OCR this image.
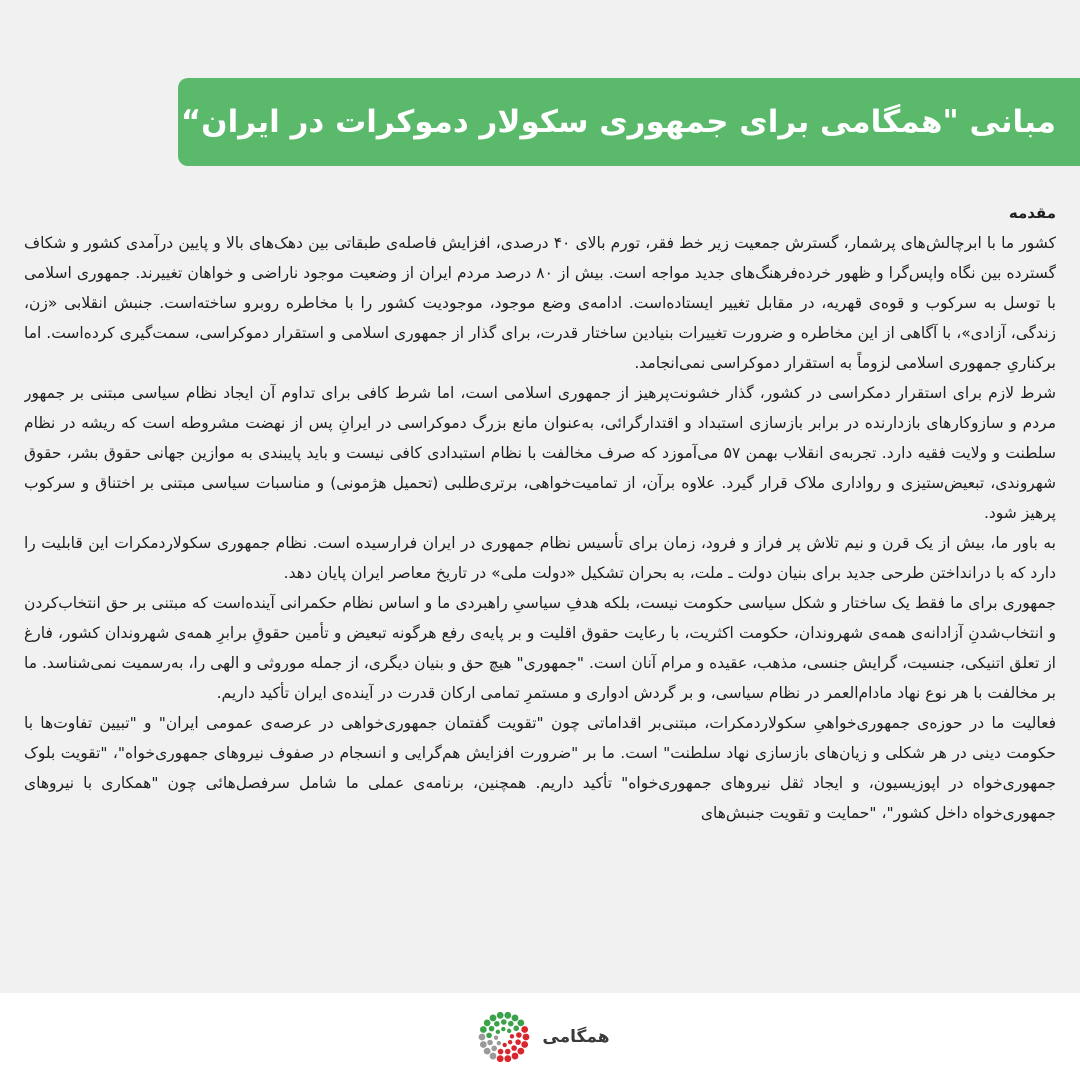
مبانی "همگامی برای جمهوری سکولار دموکرات در ایران“

مقدمه

کشور ما با ابرچالش‌های پرشمار، گسترش جمعیت زیر خط فقر، تورم بالای ۴۰ درصدی، افزایش فاصله‌ی طبقاتی بین دهک‌های بالا و پایین درآمدی کشور و شکاف گسترده بین نگاه واپس‌گرا و ظهور خرده‌فرهنگ‌های جدید مواجه است. بیش از ۸۰ درصد مردم ایران از وضعیت موجود ناراضی و خواهان تغییرند. جمهوری اسلامی با توسل به سرکوب و قوه‌ی قهریه، در مقابل تغییر ایستاده‌است. ادامه‌ی وضع موجود، موجودیت کشور را با مخاطره روبرو ساخته‌است. جنبش انقلابی «زن، زندگی، آزادی»، با آگاهی از این مخاطره و ضرورت تغییرات بنیادین ساختار قدرت، برای گذار از جمهوری اسلامی و استقرار دموکراسی، سمت‌گیری کرده‌است. اما برکناریِ جمهوری اسلامی لزوماً به استقرار دموکراسی نمی‌انجامد.

شرط لازم برای استقرار دمکراسی در کشور، گذار خشونت‌پرهیز از جمهوری اسلامی است، اما شرط کافی برای تداوم آن ایجاد نظام سیاسی مبتنی بر جمهور مردم و سازوکارهای بازدارنده در برابر بازسازی استبداد و اقتدارگرائی، به‌عنوان مانع بزرگ دموکراسی در ایرانِ پس از نهضت مشروطه است که ریشه در نظام سلطنت و ولایت فقیه دارد. تجربه‌ی انقلاب بهمن ۵۷ می‌آموزد که صرف مخالفت با نظام استبدادی کافی نیست و باید پایبندی به موازین جهانی حقوق بشر، حقوق شهروندی، تبعیض‌ستیزی و رواداری ملاک قرار گیرد. علاوه برآن، از تمامیت‌خواهی، برتری‌طلبی (تحمیل هژمونی) و مناسبات سیاسی مبتنی بر اختناق و سرکوب پرهیز شود.

به باور ما، بیش از یک قرن و نیم تلاش پر فراز و فرود، زمان برای تأسیس نظام جمهوری در ایران فرارسیده است. نظام جمهوری سکولاردمکرات این قابلیت را دارد که با درانداختن طرحی جدید برای بنیان دولت ـ ملت، به بحران تشکیل «دولت ملی» در تاریخ معاصر ایران پایان دهد.

جمهوری برای ما فقط یک ساختار و شکل سیاسی حکومت نیست، بلکه هدفِ سیاسیِ راهبردی ما و اساس نظام حکمرانی آینده‌است که مبتنی بر حق انتخاب‌کردن و انتخاب‌شدنِ آزادانه‌ی همه‌ی شهروندان، حکومت اکثریت، با رعایت حقوق اقلیت و بر پایه‌ی رفع هرگونه تبعیض و تأمین حقوقِ برابرِ همه‌ی شهروندان کشور، فارغ از تعلق اتنیکی، جنسیت، گرایش جنسی، مذهب، عقیده و مرام آنان است. "جمهوری" هیچ حق و بنیان دیگری، از جمله موروثی و الهی را، به‌رسمیت نمی‌شناسد. ما بر مخالفت با هر نوع نهاد مادام‌العمر در نظام سیاسی، و بر گردش ادواری و مستمرِ تمامی ارکان قدرت در آینده‌ی ایران تأکید داریم.

فعالیت ما در حوزه‌ی جمهوری‌خواهیِ سکولاردمکرات، مبتنی‌بر اقداماتی چون "تقویت گفتمان جمهوری‌خواهی در عرصه‌ی عمومی ایران" و "تبیین تفاوت‌ها با حکومت دینی در هر شکلی و زیان‌های بازسازی نهاد سلطنت" است. ما بر "ضرورت افزایش هم‌گرایی و انسجام در صفوف نیروهای جمهوری‌خواه"، "تقویت بلوک جمهوری‌خواه در اپوزیسیون، و ایجاد ثقل نیروهای جمهوری‌خواه" تأکید داریم. همچنین، برنامه‌ی عملی ما شامل سرفصل‌هائی چون "همکاری با نیروهای جمهوری‌خواه داخل کشور"، "حمایت و تقویت جنبش‌های

همگامی
